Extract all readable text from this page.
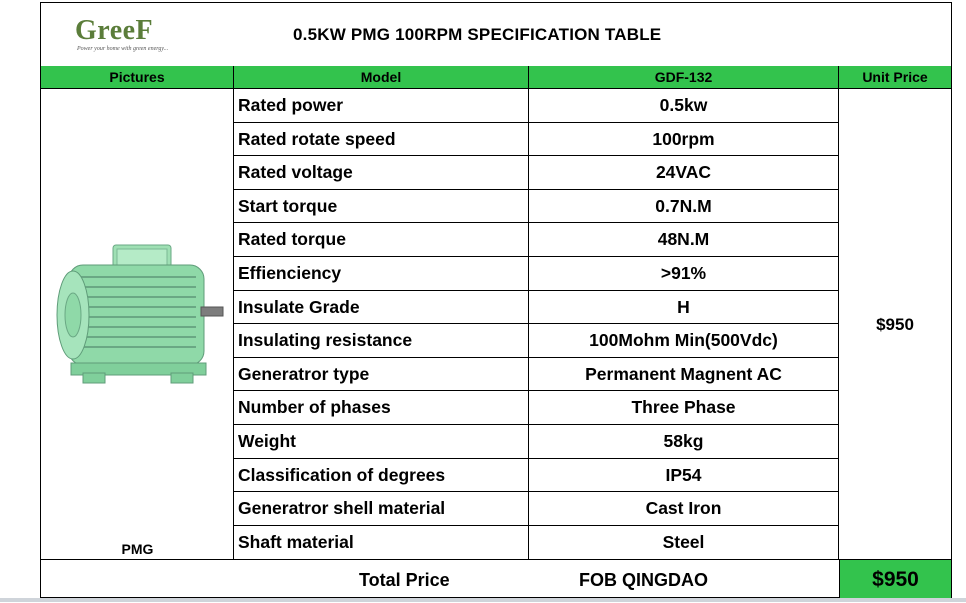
GreeF
Power your home with green energy...
0.5KW PMG 100RPM SPECIFICATION TABLE
Pictures	Model	GDF-132	Unit Price
PMG
Rated power	0.5kw
Rated rotate speed	100rpm
Rated voltage	24VAC
Start torque	0.7N.M
Rated torque	48N.M
Effienciency	>91%
Insulate Grade	H
Insulating resistance	100Mohm Min(500Vdc)
Generatror type	Permanent Magnent AC
Number of phases	Three Phase
Weight	58kg
Classification of degrees	IP54
Generatror shell material	Cast Iron
Shaft material	Steel
$950
Total Price	FOB QINGDAO	$950
